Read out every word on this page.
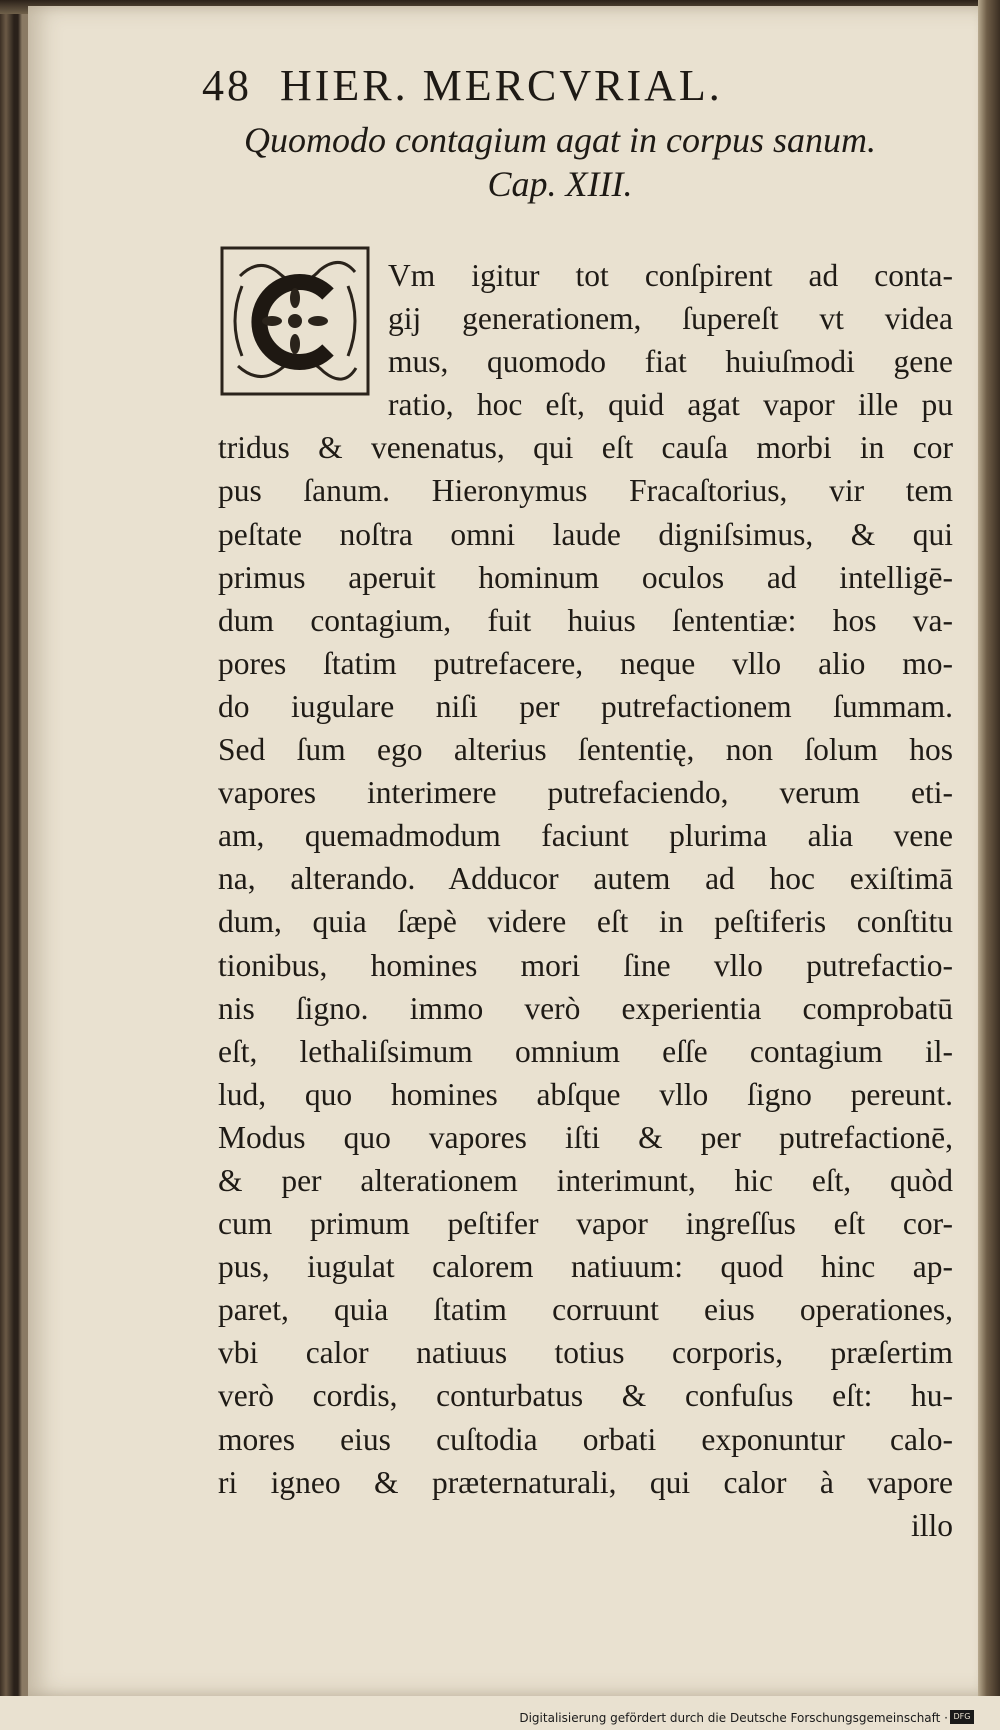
48 HIER. MERCVRIAL.
Quomodo contagium agat in corpus sanum.
Cap. XIII.
Vm igitur tot conſpirent ad conta-
gij generationem, ſupereſt vt videa
mus, quomodo fiat huiuſmodi gene
ratio, hoc eſt, quid agat vapor ille pu
tridus & venenatus, qui eſt cauſa morbi in cor
pus ſanum. Hieronymus Fracaſtorius, vir tem
peſtate noſtra omni laude digniſsimus, & qui
primus aperuit hominum oculos ad intelligē-
dum contagium, fuit huius ſententiæ: hos va-
pores ſtatim putrefacere, neque vllo alio mo-
do iugulare niſi per putrefactionem ſummam.
Sed ſum ego alterius ſententię, non ſolum hos
vapores interimere putrefaciendo, verum eti-
am, quemadmodum faciunt plurima alia vene
na, alterando. Adducor autem ad hoc exiſtimā
dum, quia ſæpè videre eſt in peſtiferis conſtitu
tionibus, homines mori ſine vllo putrefactio-
nis ſigno. immo verò experientia comprobatū
eſt, lethaliſsimum omnium eſſe contagium il-
lud, quo homines abſque vllo ſigno pereunt.
Modus quo vapores iſti & per putrefactionē,
& per alterationem interimunt, hic eſt, quòd
cum primum peſtifer vapor ingreſſus eſt cor-
pus, iugulat calorem natiuum: quod hinc ap-
paret, quia ſtatim corruunt eius operationes,
vbi calor natiuus totius corporis, præſertim
verò cordis, conturbatus & confuſus eſt: hu-
mores eius cuſtodia orbati exponuntur calo-
ri igneo & præternaturali, qui calor à vapore
illo
Digitalisierung gefördert durch die Deutsche Forschungsgemeinschaft · DFG
